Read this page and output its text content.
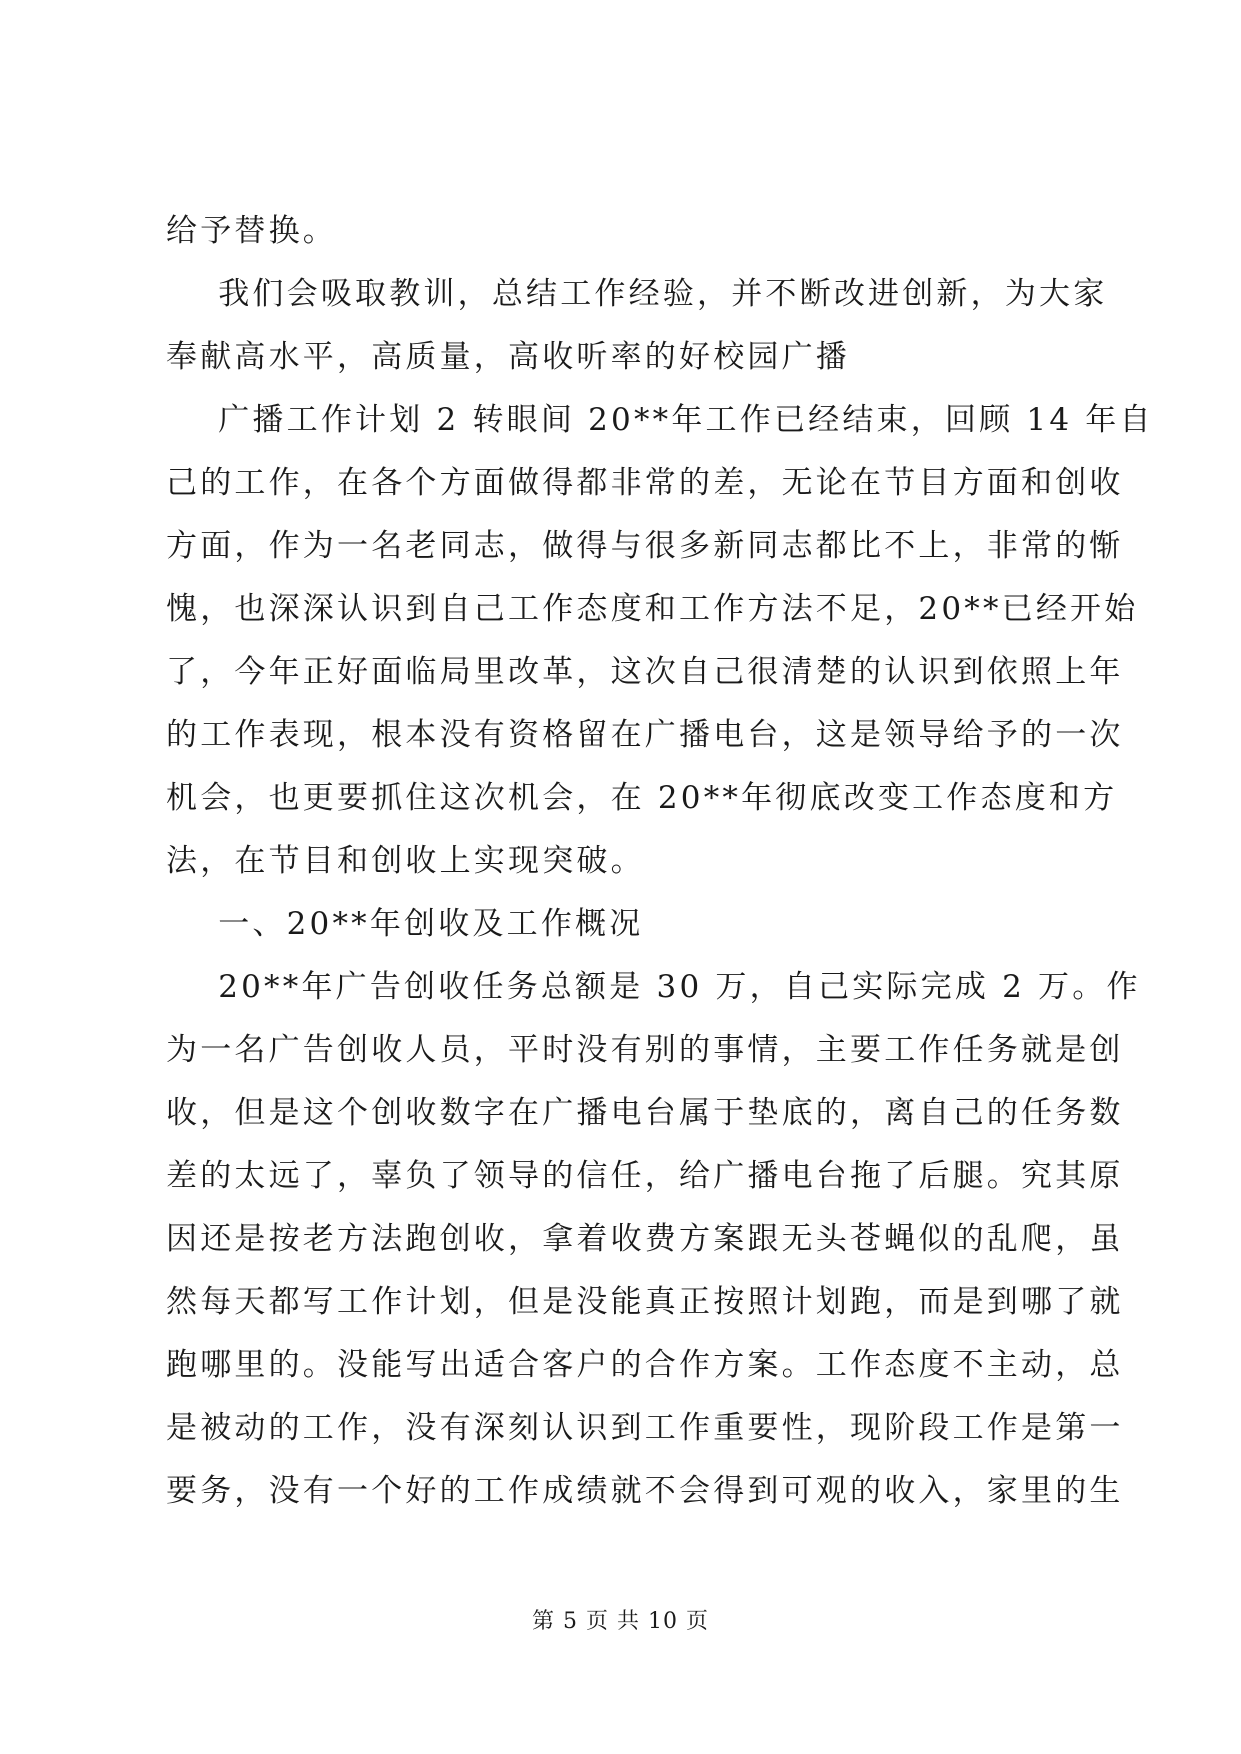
给予替换。
我们会吸取教训，总结工作经验，并不断改进创新，为大家
奉献高水平，高质量，高收听率的好校园广播
广播工作计划 2 转眼间 20**年工作已经结束，回顾 14 年自
己的工作，在各个方面做得都非常的差，无论在节目方面和创收
方面，作为一名老同志，做得与很多新同志都比不上，非常的惭
愧，也深深认识到自己工作态度和工作方法不足，20**已经开始
了，今年正好面临局里改革，这次自己很清楚的认识到依照上年
的工作表现，根本没有资格留在广播电台，这是领导给予的一次
机会，也更要抓住这次机会，在 20**年彻底改变工作态度和方
法，在节目和创收上实现突破。
一、20**年创收及工作概况
20**年广告创收任务总额是 30 万，自己实际完成 2 万。作
为一名广告创收人员，平时没有别的事情，主要工作任务就是创
收，但是这个创收数字在广播电台属于垫底的，离自己的任务数
差的太远了，辜负了领导的信任，给广播电台拖了后腿。究其原
因还是按老方法跑创收，拿着收费方案跟无头苍蝇似的乱爬，虽
然每天都写工作计划，但是没能真正按照计划跑，而是到哪了就
跑哪里的。没能写出适合客户的合作方案。工作态度不主动，总
是被动的工作，没有深刻认识到工作重要性，现阶段工作是第一
要务，没有一个好的工作成绩就不会得到可观的收入，家里的生
第 5 页 共 10 页
